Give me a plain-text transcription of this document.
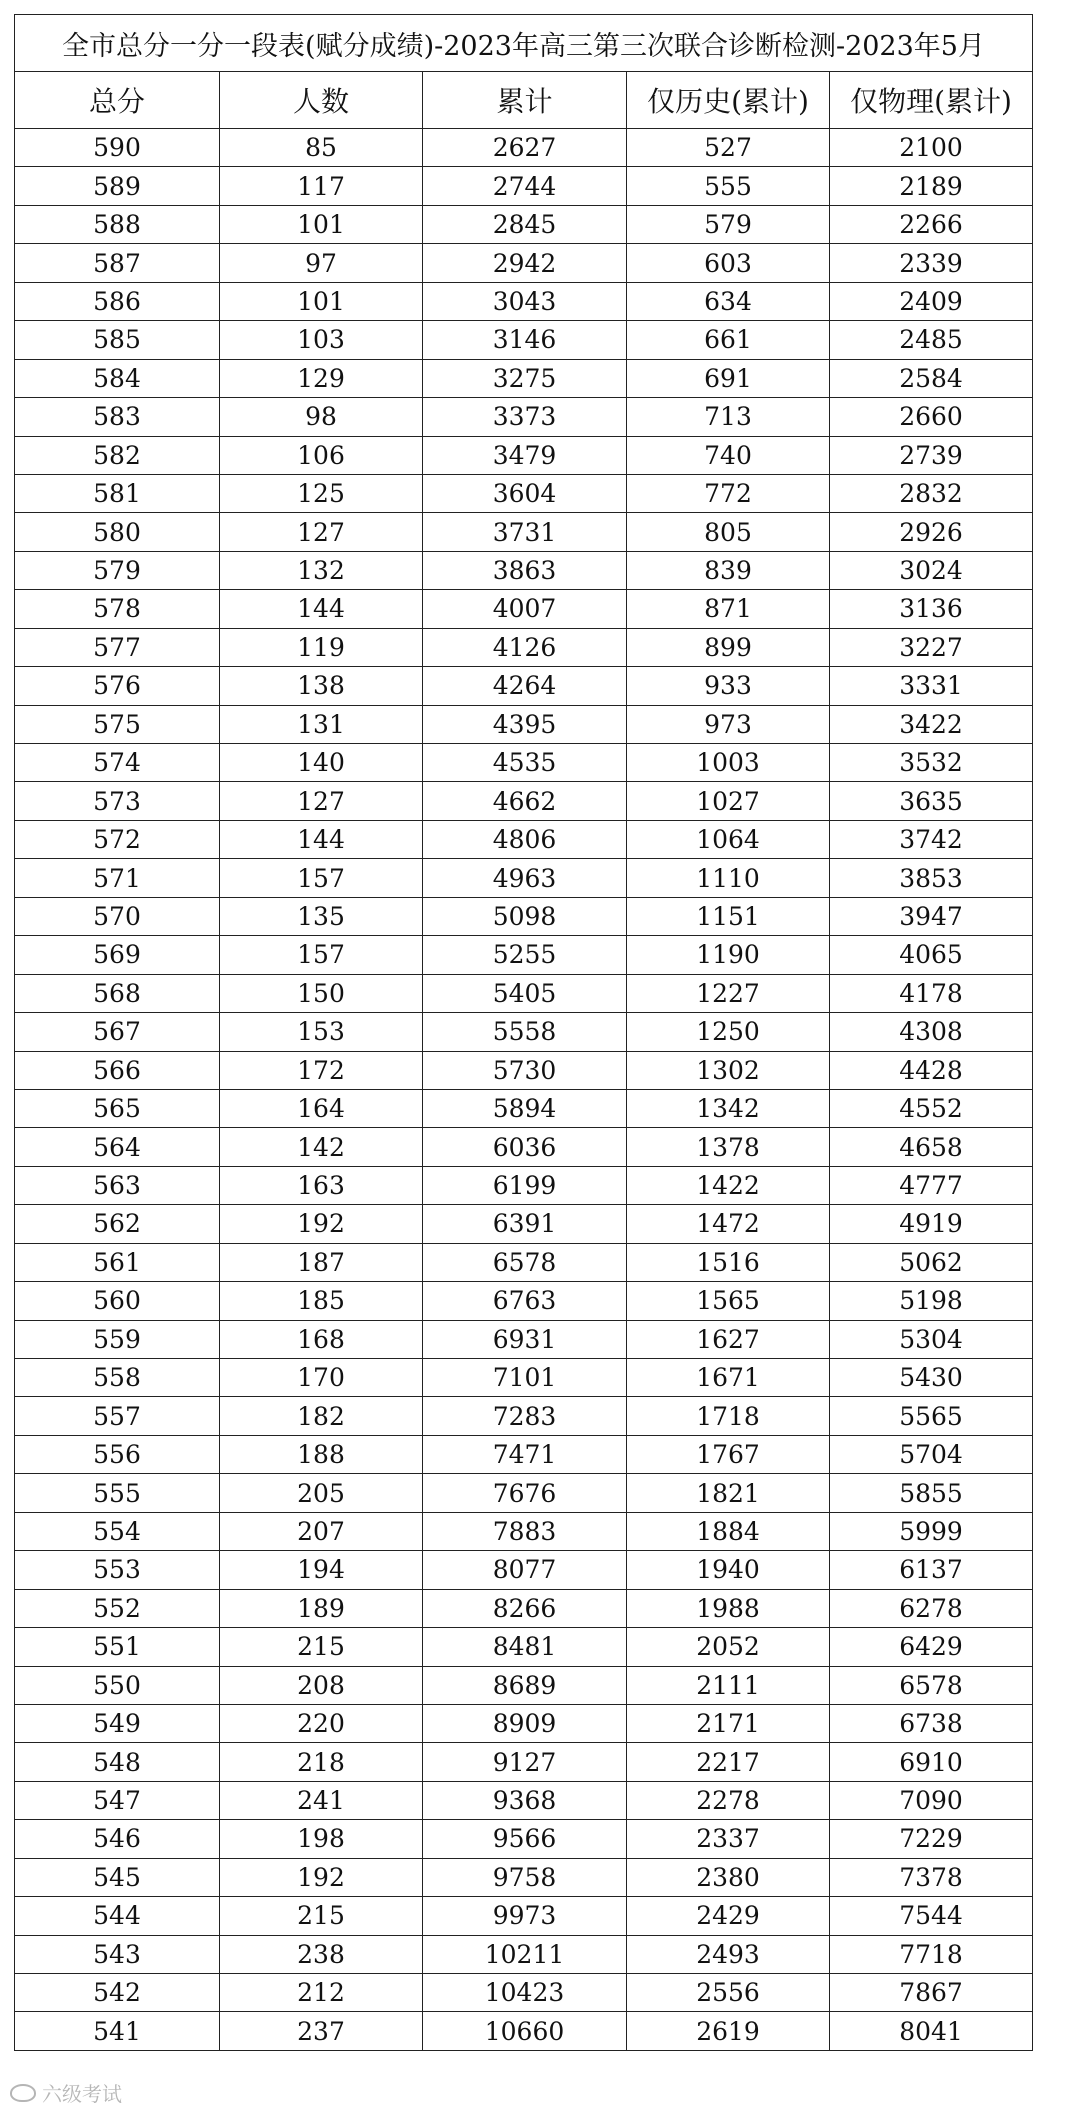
全市总分一分一段表(赋分成绩)-2023年高三第三次联合诊断检测-2023年5月				
总分	人数	累计	仅历史(累计)	仅物理(累计)
590	85	2627	527	2100
589	117	2744	555	2189
588	101	2845	579	2266
587	97	2942	603	2339
586	101	3043	634	2409
585	103	3146	661	2485
584	129	3275	691	2584
583	98	3373	713	2660
582	106	3479	740	2739
581	125	3604	772	2832
580	127	3731	805	2926
579	132	3863	839	3024
578	144	4007	871	3136
577	119	4126	899	3227
576	138	4264	933	3331
575	131	4395	973	3422
574	140	4535	1003	3532
573	127	4662	1027	3635
572	144	4806	1064	3742
571	157	4963	1110	3853
570	135	5098	1151	3947
569	157	5255	1190	4065
568	150	5405	1227	4178
567	153	5558	1250	4308
566	172	5730	1302	4428
565	164	5894	1342	4552
564	142	6036	1378	4658
563	163	6199	1422	4777
562	192	6391	1472	4919
561	187	6578	1516	5062
560	185	6763	1565	5198
559	168	6931	1627	5304
558	170	7101	1671	5430
557	182	7283	1718	5565
556	188	7471	1767	5704
555	205	7676	1821	5855
554	207	7883	1884	5999
553	194	8077	1940	6137
552	189	8266	1988	6278
551	215	8481	2052	6429
550	208	8689	2111	6578
549	220	8909	2171	6738
548	218	9127	2217	6910
547	241	9368	2278	7090
546	198	9566	2337	7229
545	192	9758	2380	7378
544	215	9973	2429	7544
543	238	10211	2493	7718
542	212	10423	2556	7867
541	237	10660	2619	8041
六级考试
